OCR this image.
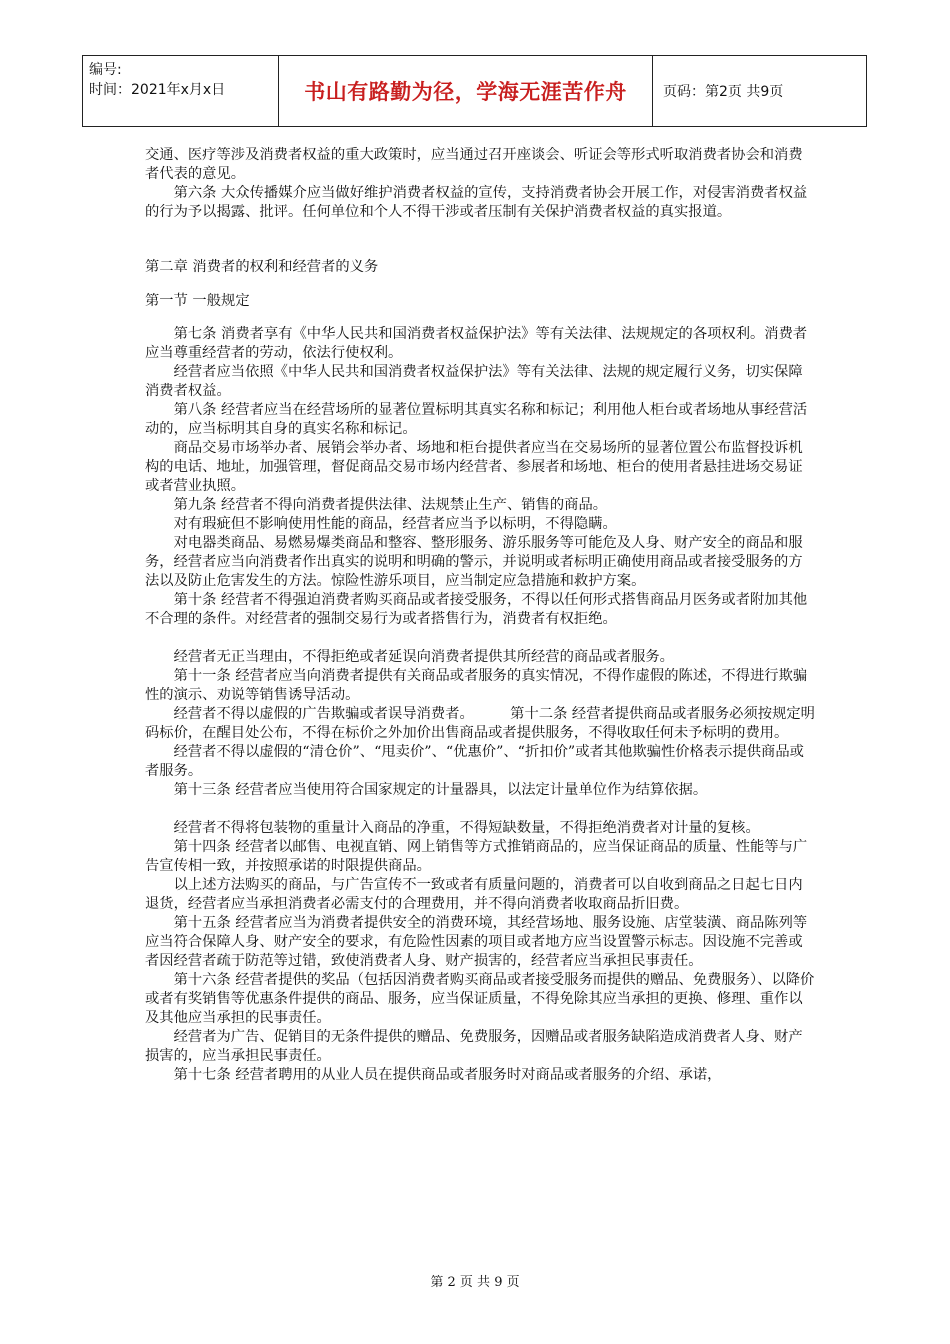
编号:
时间：2021年x月x日	书山有路勤为径，学海无涯苦作舟	页码：第2页 共9页

交通、医疗等涉及消费者权益的重大政策时，应当通过召开座谈会、听证会等形式听取消费者协会和消费者代表的意见。

第六条 大众传播媒介应当做好维护消费者权益的宣传，支持消费者协会开展工作，对侵害消费者权益的行为予以揭露、批评。任何单位和个人不得干涉或者压制有关保护消费者权益的真实报道。

第二章 消费者的权利和经营者的义务

第一节 一般规定

第七条 消费者享有《中华人民共和国消费者权益保护法》等有关法律、法规规定的各项权利。消费者应当尊重经营者的劳动，依法行使权利。

经营者应当依照《中华人民共和国消费者权益保护法》等有关法律、法规的规定履行义务，切实保障消费者权益。

第八条 经营者应当在经营场所的显著位置标明其真实名称和标记；利用他人柜台或者场地从事经营活动的，应当标明其自身的真实名称和标记。

商品交易市场举办者、展销会举办者、场地和柜台提供者应当在交易场所的显著位置公布监督投诉机构的电话、地址，加强管理，督促商品交易市场内经营者、参展者和场地、柜台的使用者悬挂进场交易证或者营业执照。

第九条 经营者不得向消费者提供法律、法规禁止生产、销售的商品。

对有瑕疵但不影响使用性能的商品，经营者应当予以标明，不得隐瞒。

对电器类商品、易燃易爆类商品和整容、整形服务、游乐服务等可能危及人身、财产安全的商品和服务，经营者应当向消费者作出真实的说明和明确的警示，并说明或者标明正确使用商品或者接受服务的方法以及防止危害发生的方法。惊险性游乐项目，应当制定应急措施和救护方案。

第十条 经营者不得强迫消费者购买商品或者接受服务，不得以任何形式搭售商品月医务或者附加其他不合理的条件。对经营者的强制交易行为或者搭售行为，消费者有权拒绝。

经营者无正当理由，不得拒绝或者延误向消费者提供其所经营的商品或者服务。

第十一条 经营者应当向消费者提供有关商品或者服务的真实情况，不得作虚假的陈述，不得进行欺骗性的演示、劝说等销售诱导活动。

经营者不得以虚假的广告欺骗或者误导消费者。        第十二条 经营者提供商品或者服务必须按规定明码标价，在醒目处公布，不得在标价之外加价出售商品或者提供服务，不得收取任何未予标明的费用。

经营者不得以虚假的“清仓价”、“甩卖价”、“优惠价”、“折扣价”或者其他欺骗性价格表示提供商品或者服务。

第十三条 经营者应当使用符合国家规定的计量器具，以法定计量单位作为结算依据。

经营者不得将包装物的重量计入商品的净重，不得短缺数量，不得拒绝消费者对计量的复核。

第十四条 经营者以邮售、电视直销、网上销售等方式推销商品的，应当保证商品的质量、性能等与广告宣传相一致，并按照承诺的时限提供商品。

以上述方法购买的商品，与广告宣传不一致或者有质量问题的，消费者可以自收到商品之日起七日内退货，经营者应当承担消费者必需支付的合理费用，并不得向消费者收取商品折旧费。

第十五条 经营者应当为消费者提供安全的消费环境，其经营场地、服务设施、店堂装潢、商品陈列等应当符合保障人身、财产安全的要求，有危险性因素的项目或者地方应当设置警示标志。因设施不完善或者因经营者疏于防范等过错，致使消费者人身、财产损害的，经营者应当承担民事责任。

第十六条 经营者提供的奖品（包括因消费者购买商品或者接受服务而提供的赠品、免费服务）、以降价或者有奖销售等优惠条件提供的商品、服务，应当保证质量，不得免除其应当承担的更换、修理、重作以及其他应当承担的民事责任。

经营者为广告、促销目的无条件提供的赠品、免费服务，因赠品或者服务缺陷造成消费者人身、财产损害的，应当承担民事责任。

第十七条 经营者聘用的从业人员在提供商品或者服务时对商品或者服务的介绍、承诺，

第 2 页 共 9 页
